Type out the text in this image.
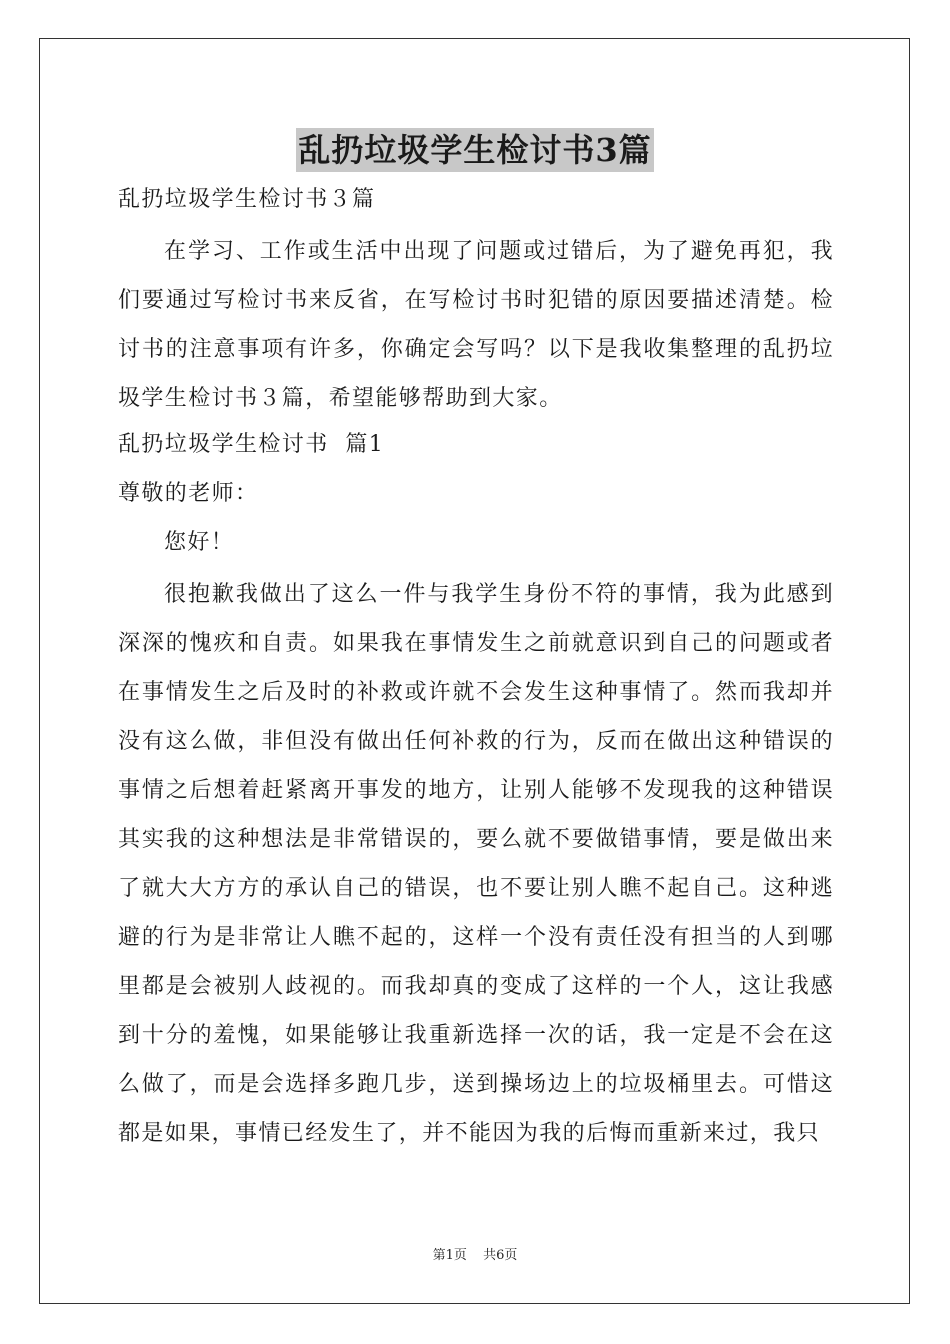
乱扔垃圾学生检讨书3篇
乱扔垃圾学生检讨书３篇

在学习、工作或生活中出现了问题或过错后，为了避免再犯，我们要通过写检讨书来反省，在写检讨书时犯错的原因要描述清楚。检讨书的注意事项有许多，你确定会写吗？以下是我收集整理的乱扔垃圾学生检讨书３篇，希望能够帮助到大家。

乱扔垃圾学生检讨书  篇1
尊敬的老师：
您好！

很抱歉我做出了这么一件与我学生身份不符的事情，我为此感到深深的愧疚和自责。如果我在事情发生之前就意识到自己的问题或者在事情发生之后及时的补救或许就不会发生这种事情了。然而我却并没有这么做，非但没有做出任何补救的行为，反而在做出这种错误的事情之后想着赶紧离开事发的地方，让别人能够不发现我的这种错误其实我的这种想法是非常错误的，要么就不要做错事情，要是做出来了就大大方方的承认自己的错误，也不要让别人瞧不起自己。这种逃避的行为是非常让人瞧不起的，这样一个没有责任没有担当的人到哪里都是会被别人歧视的。而我却真的变成了这样的一个人，这让我感到十分的羞愧，如果能够让我重新选择一次的话，我一定是不会在这么做了，而是会选择多跑几步，送到操场边上的垃圾桶里去。可惜这都是如果，事情已经发生了，并不能因为我的后悔而重新来过，我只

第1页 共6页
